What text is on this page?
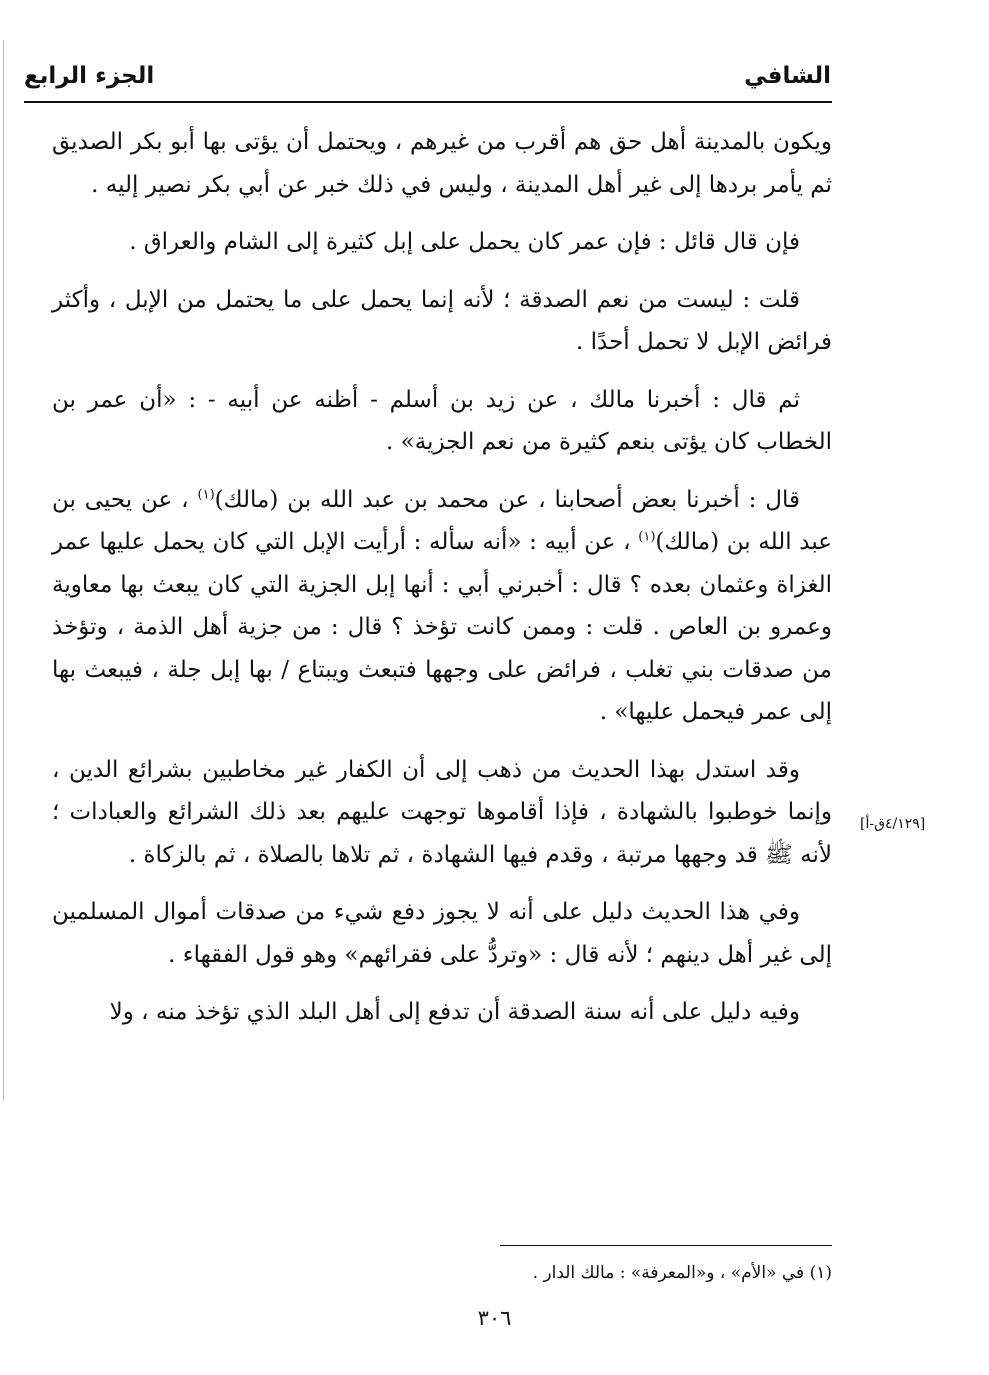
الشافي
الجزء الرابع

ويكون بالمدينة أهل حق هم أقرب من غيرهم ، ويحتمل أن يؤتى بها أبو بكر الصديق ثم يأمر بردها إلى غير أهل المدينة ، وليس في ذلك خبر عن أبي بكر نصير إليه .

فإن قال قائل : فإن عمر كان يحمل على إبل كثيرة إلى الشام والعراق .

قلت : ليست من نعم الصدقة ؛ لأنه إنما يحمل على ما يحتمل من الإبل ، وأكثر فرائض الإبل لا تحمل أحدًا .

ثم قال : أخبرنا مالك ، عن زيد بن أسلم - أظنه عن أبيه - : «أن عمر بن الخطاب كان يؤتى بنعم كثيرة من نعم الجزية» .

قال : أخبرنا بعض أصحابنا ، عن محمد بن عبد الله بن (مالك)$^{(١)}$ ، عن يحيى بن عبد الله بن (مالك)$^{(١)}$ ، عن أبيه : «أنه سأله : أرأيت الإبل التي كان يحمل عليها عمر الغزاة وعثمان بعده ؟ قال : أخبرني أبي : أنها إبل الجزية التي كان يبعث بها معاوية وعمرو بن العاص . قلت : وممن كانت تؤخذ ؟ قال : من جزية أهل الذمة ، وتؤخذ من صدقات بني تغلب ، فرائض على وجهها فتبعث ويبتاع / بها إبل جلة ، فيبعث بها إلى عمر فيحمل عليها» .

وقد استدل بهذا الحديث من ذهب إلى أن الكفار غير مخاطبين بشرائع الدين ، وإنما خوطبوا بالشهادة ، فإذا أقاموها توجهت عليهم بعد ذلك الشرائع والعبادات ؛ لأنه ﷺ قد وجهها مرتبة ، وقدم فيها الشهادة ، ثم تلاها بالصلاة ، ثم بالزكاة .

وفي هذا الحديث دليل على أنه لا يجوز دفع شيء من صدقات أموال المسلمين إلى غير أهل دينهم ؛ لأنه قال : «وتردُّ على فقرائهم» وهو قول الفقهاء .

وفيه دليل على أنه سنة الصدقة أن تدفع إلى أهل البلد الذي تؤخذ منه ، ولا

[٤/١٢٩ق-أ]
(١) في «الأم» ، و«المعرفة» : مالك الدار .
٣٠٦
